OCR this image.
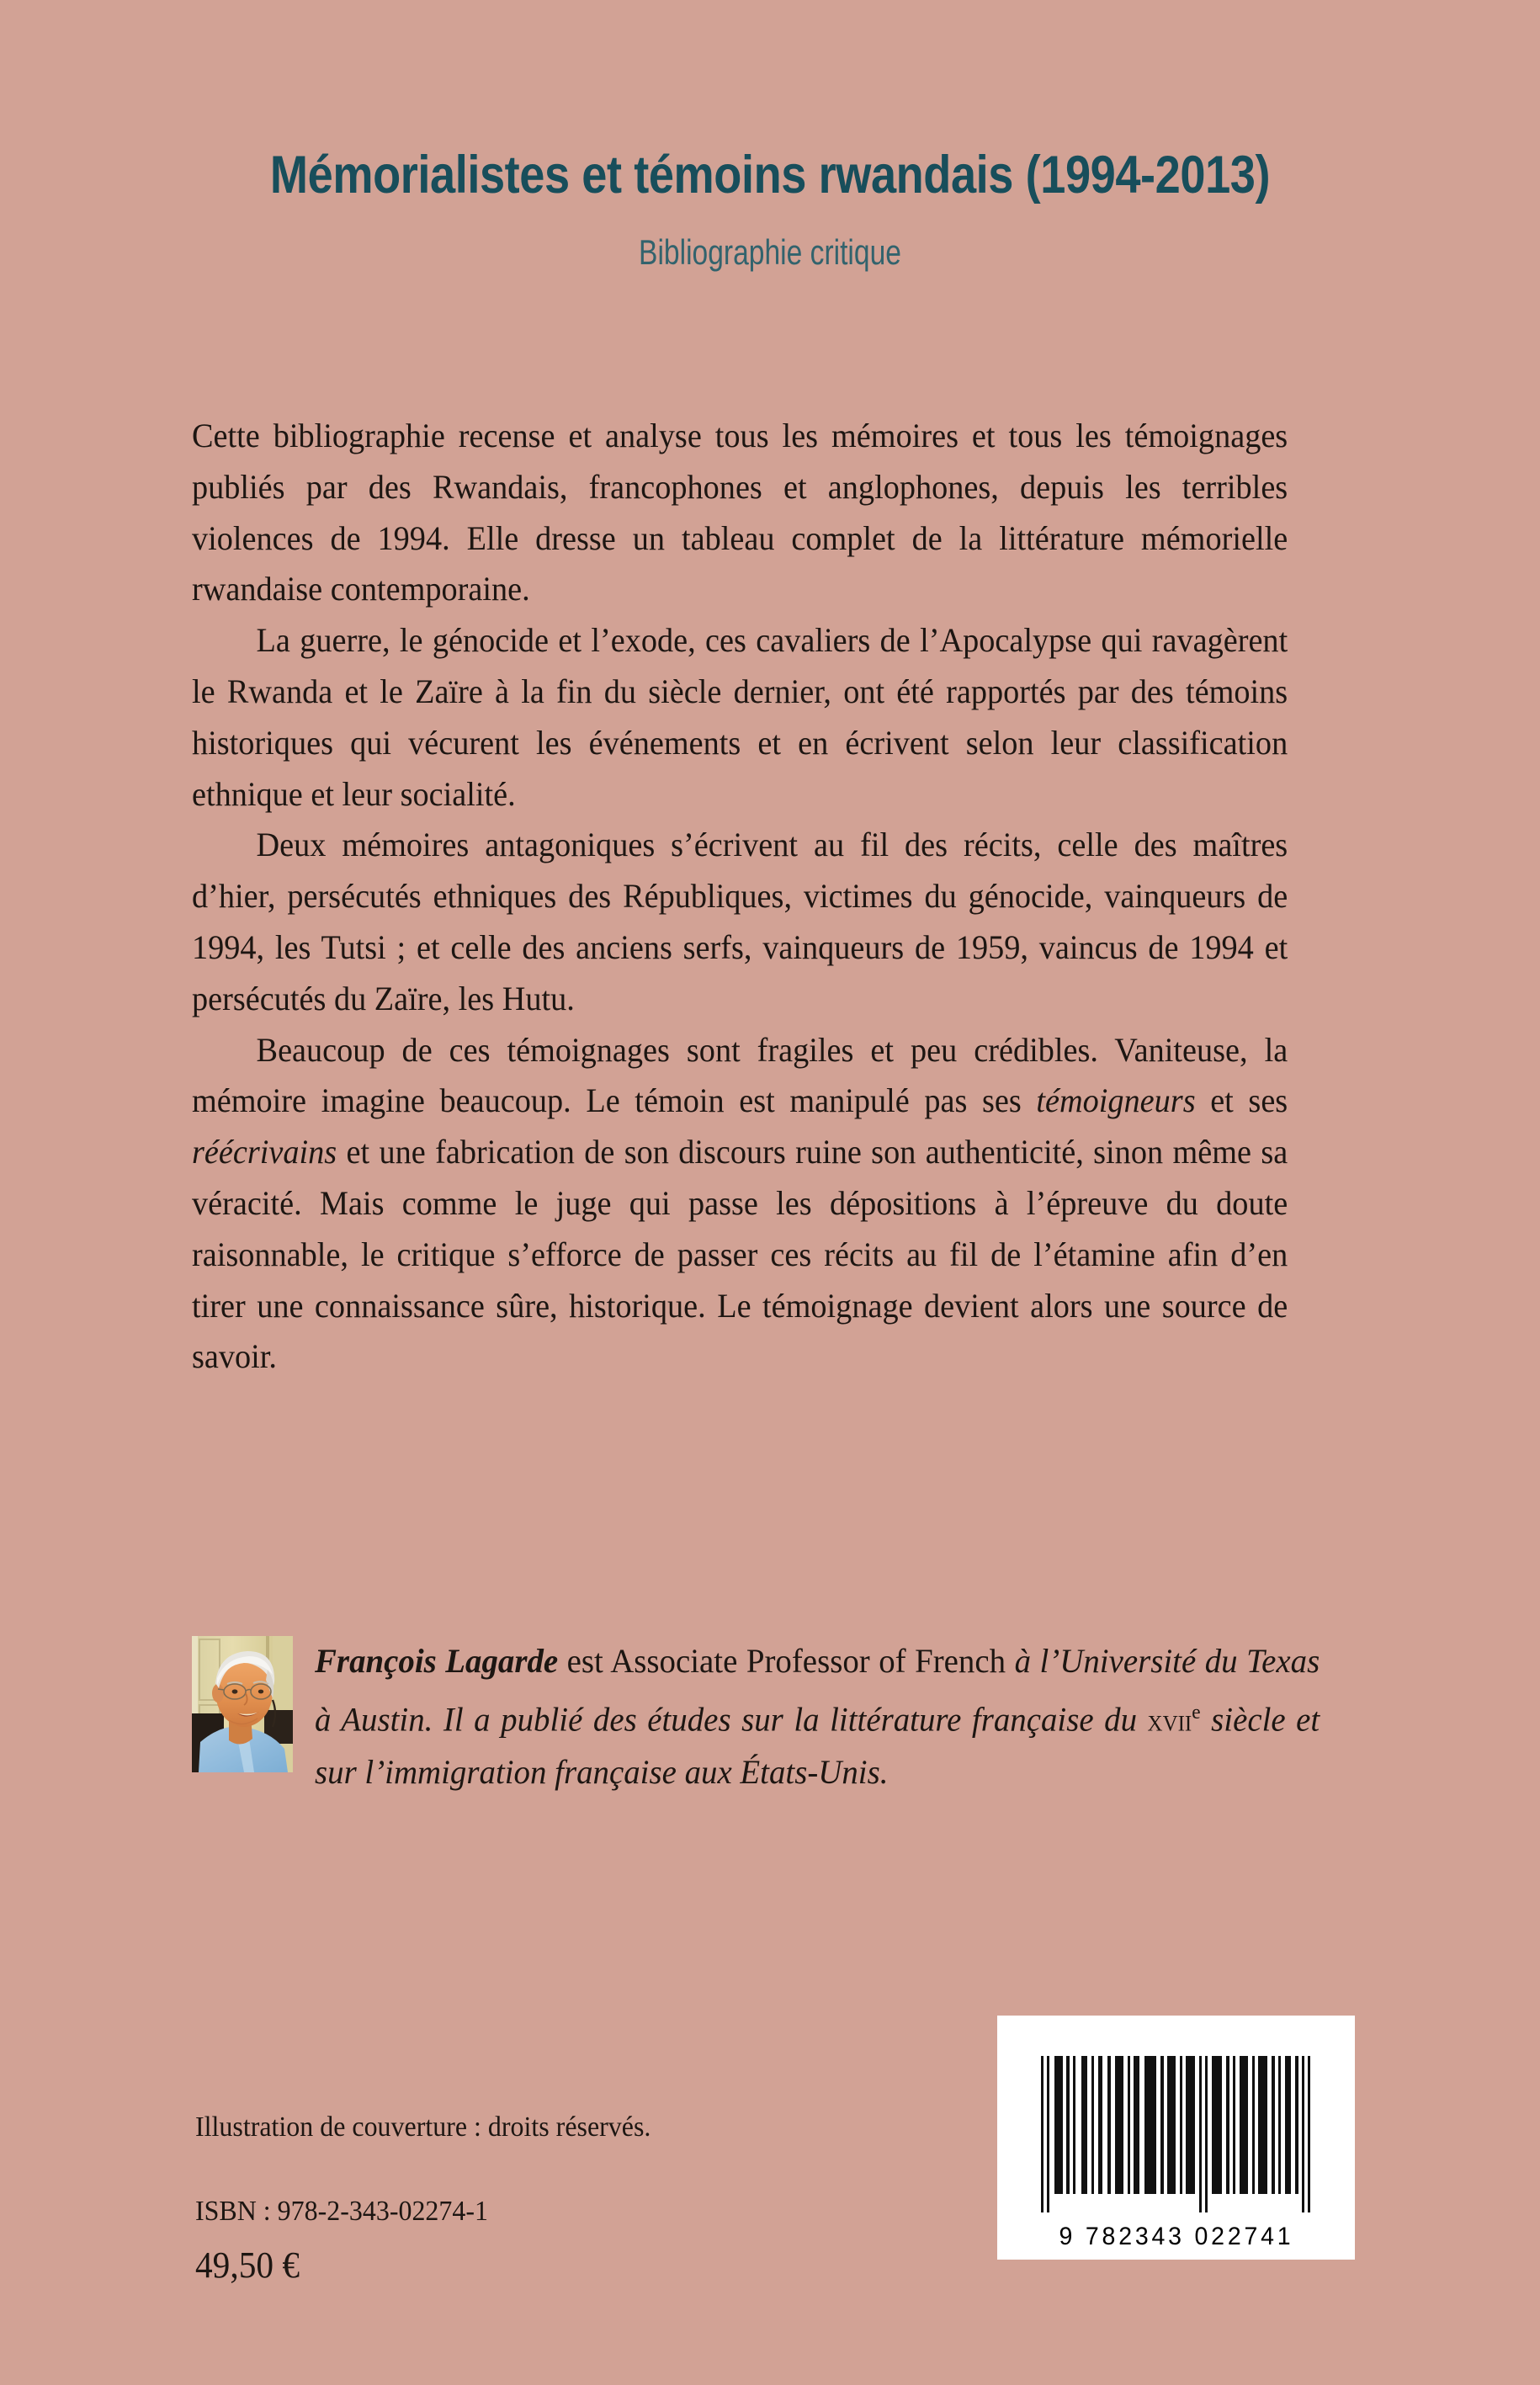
Mémorialistes et témoins rwandais (1994-2013)
Bibliographie critique

Cette bibliographie recense et analyse tous les mémoires et tous les témoignages publiés par des Rwandais, francophones et anglophones, depuis les terribles violences de 1994. Elle dresse un tableau complet de la littérature mémorielle rwandaise contemporaine.

La guerre, le génocide et l’exode, ces cavaliers de l’Apocalypse qui ravagèrent le Rwanda et le Zaïre à la fin du siècle dernier, ont été rapportés par des témoins historiques qui vécurent les événements et en écrivent selon leur classification ethnique et leur socialité.

Deux mémoires antagoniques s’écrivent au fil des récits, celle des maîtres d’hier, persécutés ethniques des Républiques, victimes du génocide, vainqueurs de 1994, les Tutsi ; et celle des anciens serfs, vainqueurs de 1959, vaincus de 1994 et persécutés du Zaïre, les Hutu.

Beaucoup de ces témoignages sont fragiles et peu crédibles. Vaniteuse, la mémoire imagine beaucoup. Le témoin est manipulé pas ses témoigneurs et ses réécrivains et une fabrication de son discours ruine son authenticité, sinon même sa véracité. Mais comme le juge qui passe les dépositions à l’épreuve du doute raisonnable, le critique s’efforce de passer ces récits au fil de l’étamine afin d’en tirer une connaissance sûre, historique. Le témoignage devient alors une source de savoir.

François Lagarde est Associate Professor of French à l’Université du Texas à Austin. Il a publié des études sur la littérature française du xvii$^e$ siècle et sur l’immigration française aux États-Unis.

Illustration de couverture : droits réservés.

ISBN : 978-2-343-02274-1

49,50 €

9 782343 022741
